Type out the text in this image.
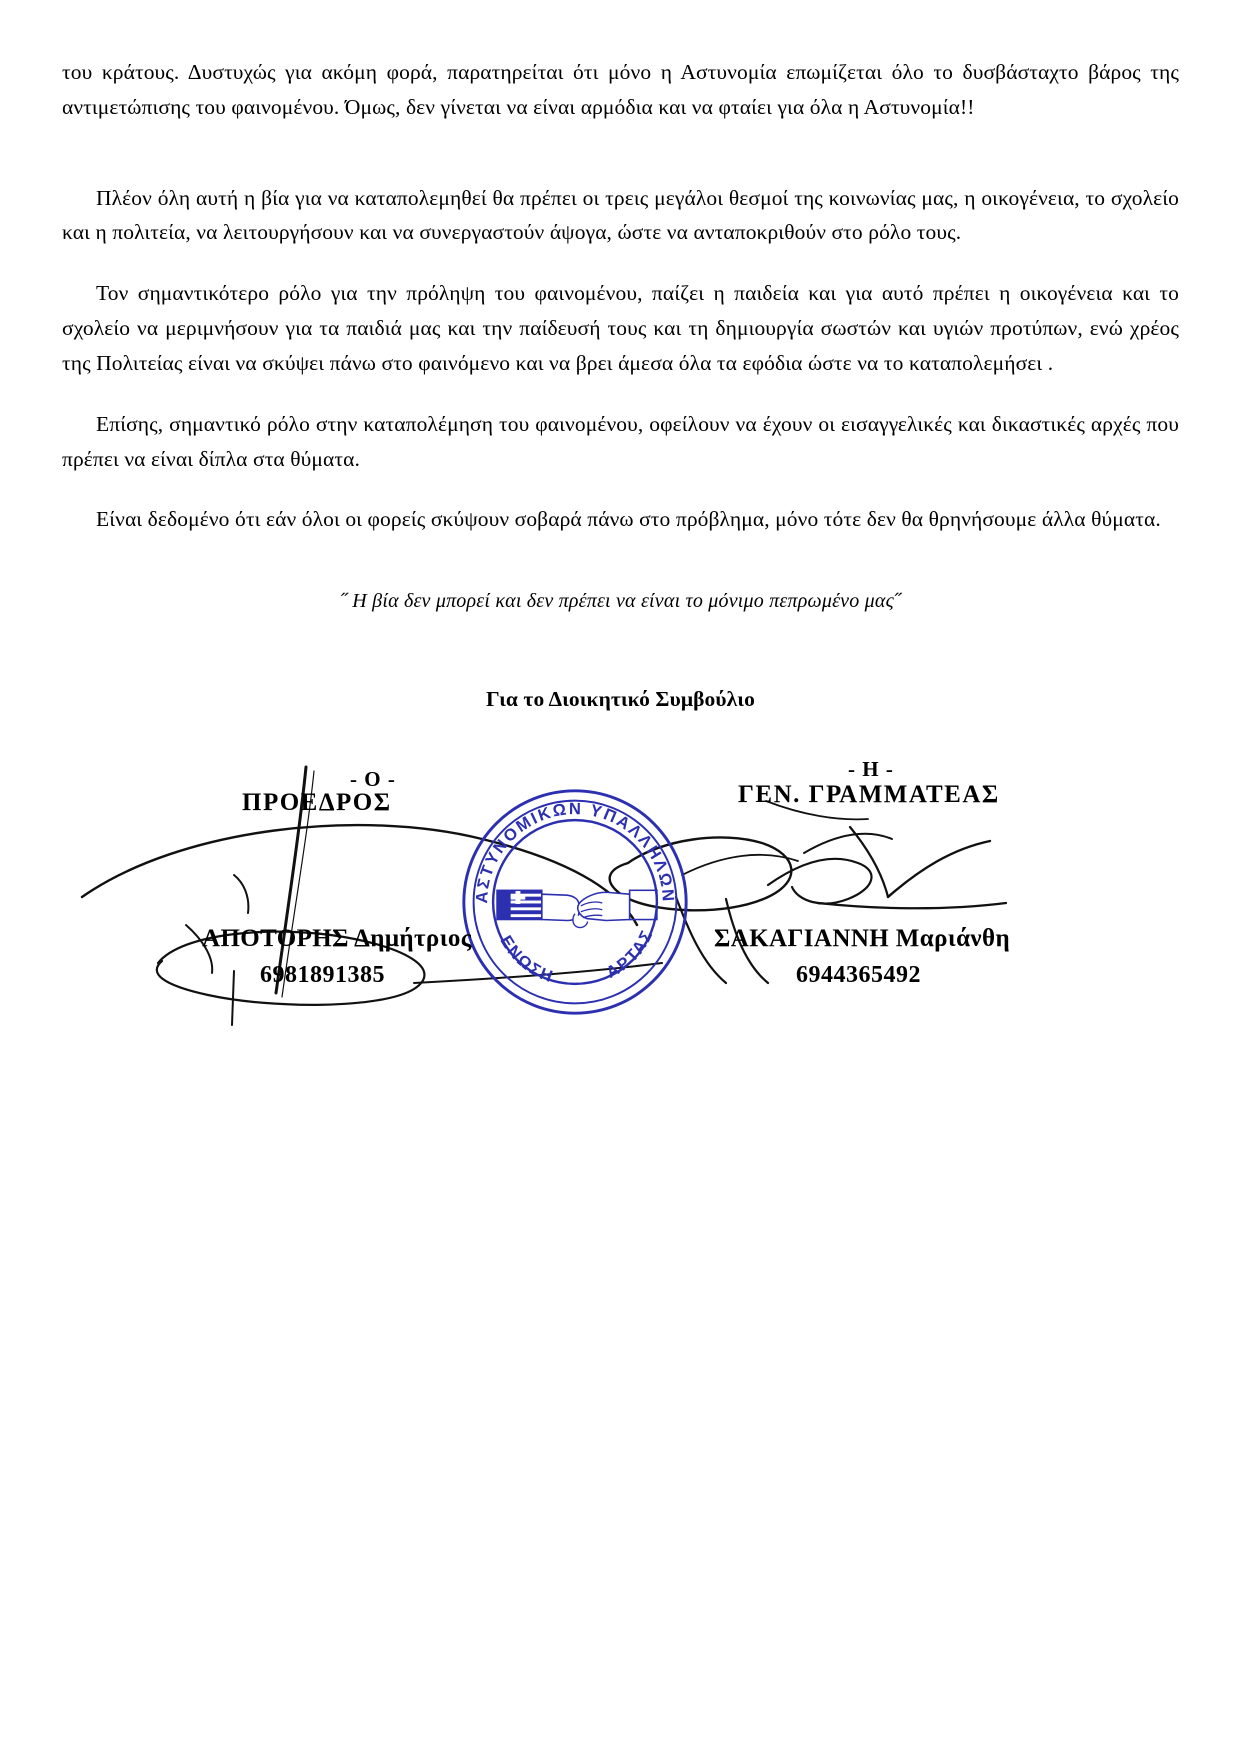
του κράτους. Δυστυχώς για ακόμη φορά, παρατηρείται ότι μόνο η Αστυνομία επωμίζεται όλο το δυσβάσταχτο βάρος της αντιμετώπισης του φαινομένου. Όμως, δεν γίνεται να είναι αρμόδια και να φταίει για όλα η Αστυνομία!!

Πλέον όλη αυτή η βία για να καταπολεμηθεί θα πρέπει οι τρεις μεγάλοι θεσμοί της κοινωνίας μας, η οικογένεια, το σχολείο και η πολιτεία, να λειτουργήσουν και να συνεργαστούν άψογα, ώστε να ανταποκριθούν στο ρόλο τους.

Τον σημαντικότερο ρόλο για την πρόληψη του φαινομένου, παίζει η παιδεία και για αυτό πρέπει η οικογένεια και το σχολείο να μεριμνήσουν για τα παιδιά μας και την παίδευσή τους και τη δημιουργία σωστών και υγιών προτύπων, ενώ χρέος της Πολιτείας είναι να σκύψει πάνω στο φαινόμενο και να βρει άμεσα όλα τα εφόδια ώστε να το καταπολεμήσει .

Επίσης, σημαντικό ρόλο στην καταπολέμηση του φαινομένου, οφείλουν να έχουν οι εισαγγελικές και δικαστικές αρχές που πρέπει να είναι δίπλα στα θύματα.

Είναι δεδομένο ότι εάν όλοι οι φορείς σκύψουν σοβαρά πάνω στο πρόβλημα, μόνο τότε δεν θα θρηνήσουμε άλλα θύματα.

˝ Η βία δεν μπορεί και δεν πρέπει να είναι το μόνιμο πεπρωμένο μας˝
Για το Διοικητικό Συμβούλιο
ΑΣΤΥΝΟΜΙΚΩΝ ΥΠΑΛΛΗΛΩΝ
ΕΝΩΣΗ	ΑΡΤΑΣ
- Ο -
ΠΡΟΕΔΡΟΣ
ΑΠΟΤΟΡΗΣ Δημήτριος
6981891385
- Η -
ΓΕΝ. ΓΡΑΜΜΑΤΕΑΣ
ΣΑΚΑΓΙΑΝΝΗ Μαριάνθη
6944365492
